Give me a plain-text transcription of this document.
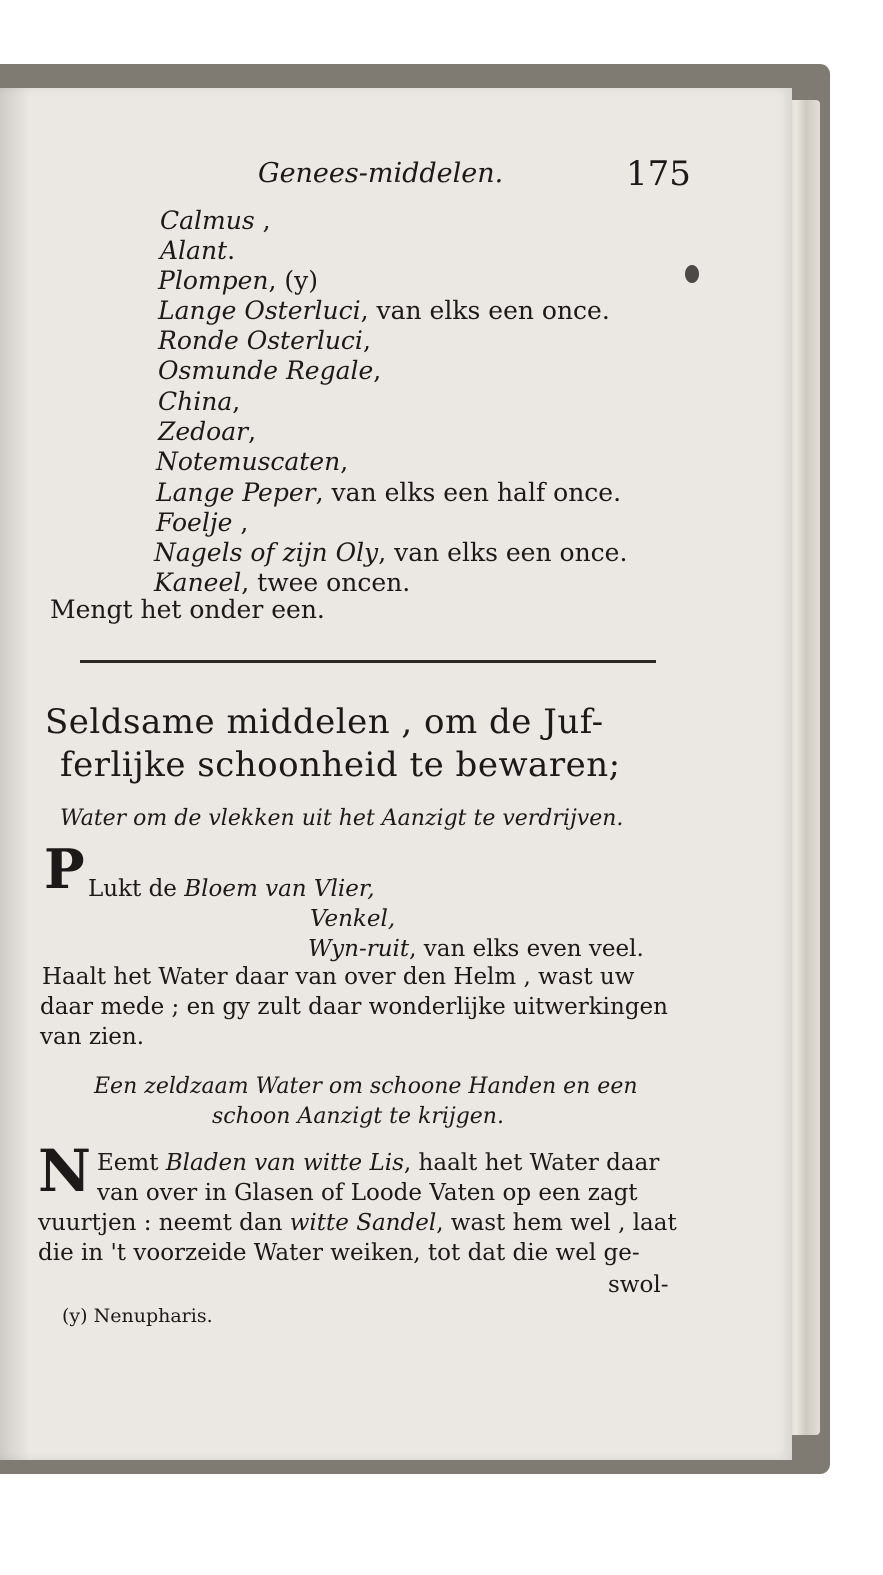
Genees-middelen.	175
Calmus ,
Alant.
Plompen, (y)
Lange Osterluci, van elks een once.
Ronde Osterluci,
Osmunde Regale,
China,
Zedoar,
Notemuscaten,
Lange Peper, van elks een half once.
Foelje ,
Nagels of zijn Oly, van elks een once.
Kaneel, twee oncen.
Mengt het onder een.
Seldsame middelen , om de Juf-
ferlijke schoonheid te bewaren;
Water om de vlekken uit het Aanzigt te verdrijven.
P Lukt de Bloem van Vlier,
Venkel,
Wyn-ruit, van elks even veel.
Haalt het Water daar van over den Helm , wast uw
daar mede ; en gy zult daar wonderlijke uitwerkingen
van zien.
Een zeldzaam Water om schoone Handen en een
schoon Aanzigt te krijgen.
N Eemt Bladen van witte Lis, haalt het Water daar
van over in Glasen of Loode Vaten op een zagt
vuurtjen : neemt dan witte Sandel, wast hem wel , laat
die in 't voorzeide Water weiken, tot dat die wel ge-
swol-
(y) Nenupharis.
